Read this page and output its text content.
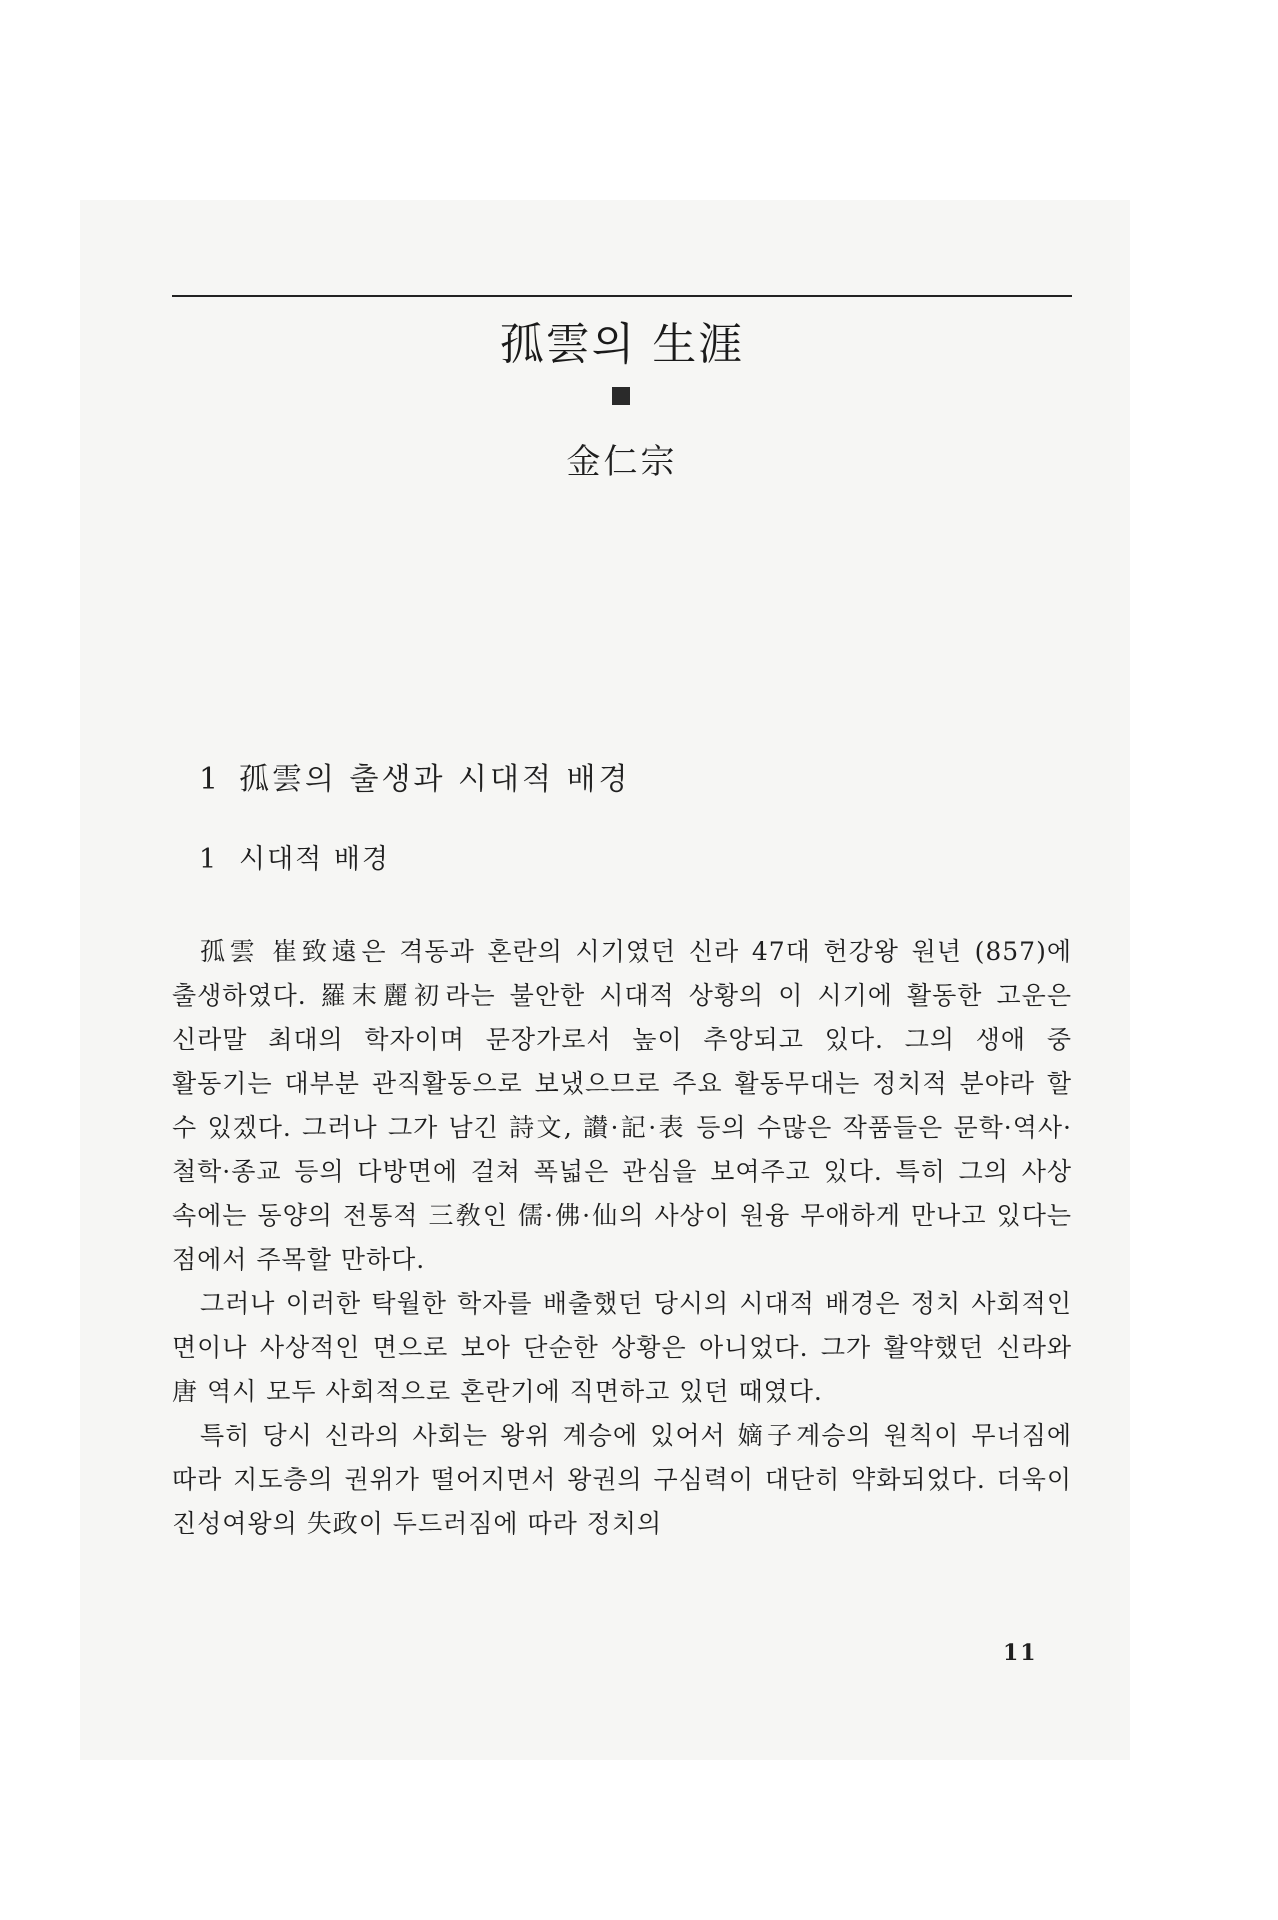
孤雲의 生涯
金仁宗
1 孤雲의 출생과 시대적 배경
1 시대적 배경

孤雲 崔致遠은 격동과 혼란의 시기였던 신라 47대 헌강왕 원년 (857)에 출생하였다. 羅末麗初라는 불안한 시대적 상황의 이 시기에 활동한 고운은 신라말 최대의 학자이며 문장가로서 높이 추앙되고 있다. 그의 생애 중 활동기는 대부분 관직활동으로 보냈으므로 주요 활동무대는 정치적 분야라 할 수 있겠다. 그러나 그가 남긴 詩文, 讃·記·表 등의 수많은 작품들은 문학·역사·철학·종교 등의 다방면에 걸쳐 폭넓은 관심을 보여주고 있다. 특히 그의 사상 속에는 동양의 전통적 三敎인 儒·佛·仙의 사상이 원융 무애하게 만나고 있다는 점에서 주목할 만하다.

그러나 이러한 탁월한 학자를 배출했던 당시의 시대적 배경은 정치 사회적인 면이나 사상적인 면으로 보아 단순한 상황은 아니었다. 그가 활약했던 신라와 唐 역시 모두 사회적으로 혼란기에 직면하고 있던 때였다.

특히 당시 신라의 사회는 왕위 계승에 있어서 嫡子계승의 원칙이 무너짐에 따라 지도층의 권위가 떨어지면서 왕권의 구심력이 대단히 약화되었다. 더욱이 진성여왕의 失政이 두드러짐에 따라 정치의

11
